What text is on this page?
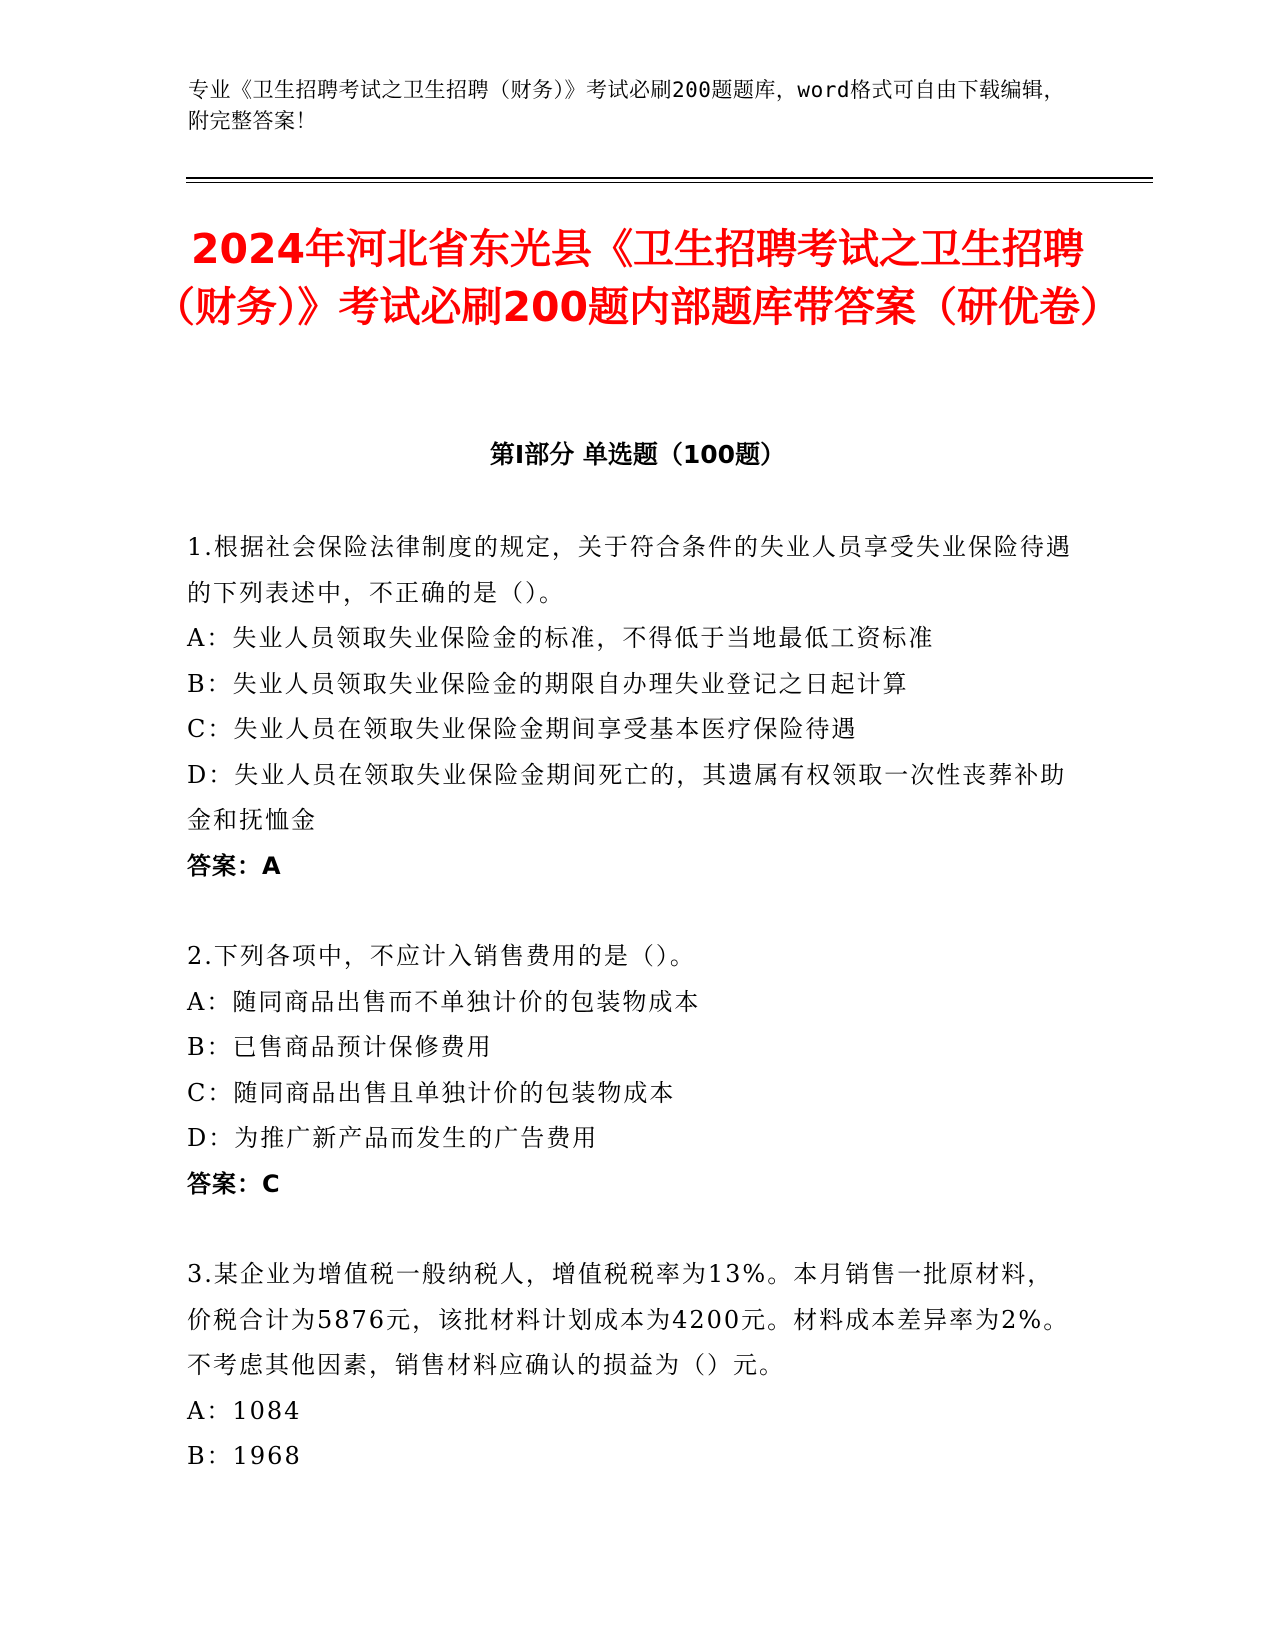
专业《卫生招聘考试之卫生招聘（财务）》考试必刷200题题库，word格式可自由下载编辑，附完整答案！
2024年河北省东光县《卫生招聘考试之卫生招聘（财务）》考试必刷200题内部题库带答案（研优卷）
第Ⅰ部分 单选题（100题）

1.根据社会保险法律制度的规定，关于符合条件的失业人员享受失业保险待遇的下列表述中，不正确的是（）。

A：失业人员领取失业保险金的标准，不得低于当地最低工资标准

B：失业人员领取失业保险金的期限自办理失业登记之日起计算

C：失业人员在领取失业保险金期间享受基本医疗保险待遇

D：失业人员在领取失业保险金期间死亡的，其遗属有权领取一次性丧葬补助金和抚恤金

答案：A

2.下列各项中，不应计入销售费用的是（）。

A：随同商品出售而不单独计价的包装物成本

B：已售商品预计保修费用

C：随同商品出售且单独计价的包装物成本

D：为推广新产品而发生的广告费用

答案：C

3.某企业为增值税一般纳税人，增值税税率为13%。本月销售一批原材料，价税合计为5876元，该批材料计划成本为4200元。材料成本差异率为2%。不考虑其他因素，销售材料应确认的损益为（）元。

A：1084

B：1968
